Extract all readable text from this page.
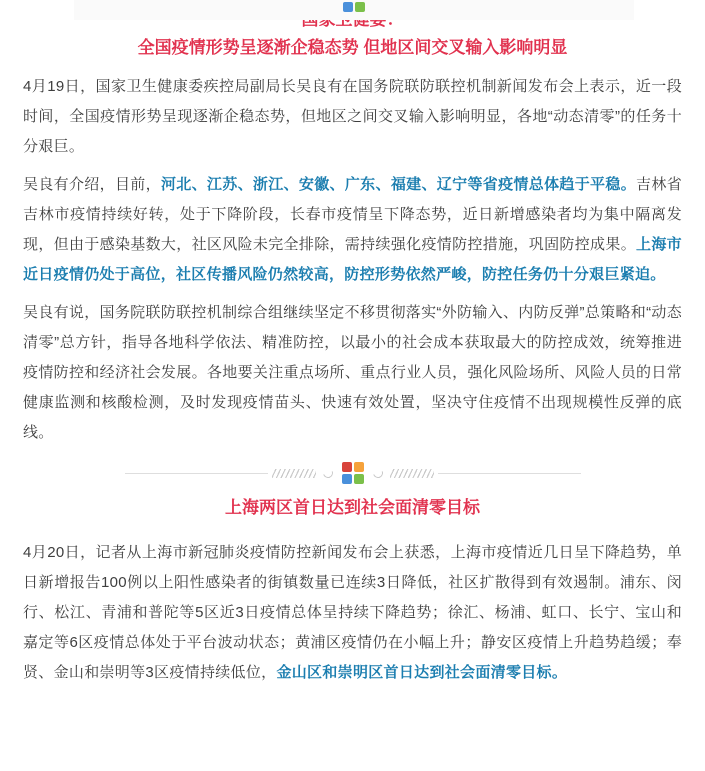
全国疫情形势呈逐渐企稳态势 但地区间交叉输入影响明显

4月19日，国家卫生健康委疾控局副局长吴良有在国务院联防联控机制新闻发布会上表示，近一段时间，全国疫情形势呈现逐渐企稳态势，但地区之间交叉输入影响明显，各地“动态清零”的任务十分艰巨。

吴良有介绍，目前，河北、江苏、浙江、安徽、广东、福建、辽宁等省疫情总体趋于平稳。吉林省吉林市疫情持续好转，处于下降阶段，长春市疫情呈下降态势，近日新增感染者均为集中隔离发现，但由于感染基数大，社区风险未完全排除，需持续强化疫情防控措施，巩固防控成果。上海市近日疫情仍处于高位，社区传播风险仍然较高，防控形势依然严峻，防控任务仍十分艰巨紧迫。

吴良有说，国务院联防联控机制综合组继续坚定不移贯彻落实“外防输入、内防反弹”总策略和“动态清零”总方针，指导各地科学依法、精准防控，以最小的社会成本获取最大的防控成效，统筹推进疫情防控和经济社会发展。各地要关注重点场所、重点行业人员，强化风险场所、风险人员的日常健康监测和核酸检测，及时发现疫情苗头、快速有效处置，坚决守住疫情不出现规模性反弹的底线。

上海两区首日达到社会面清零目标

4月20日，记者从上海市新冠肺炎疫情防控新闻发布会上获悉，上海市疫情近几日呈下降趋势，单日新增报告100例以上阳性感染者的街镇数量已连续3日降低，社区扩散得到有效遏制。浦东、闵行、松江、青浦和普陀等5区近3日疫情总体呈持续下降趋势；徐汇、杨浦、虹口、长宁、宝山和嘉定等6区疫情总体处于平台波动状态；黄浦区疫情仍在小幅上升；静安区疫情上升趋势趋缓；奉贤、金山和崇明等3区疫情持续低位，金山区和崇明区首日达到社会面清零目标。
